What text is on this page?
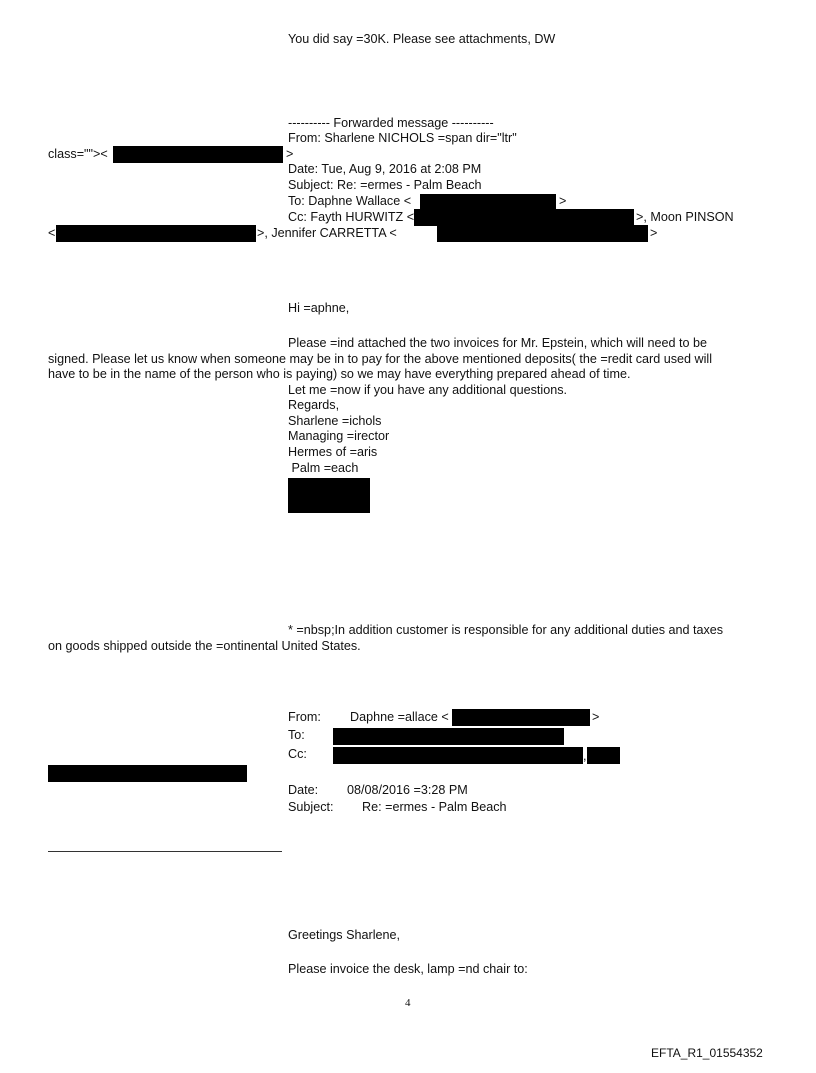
You did say =30K. Please see attachments, DW
---------- Forwarded message ----------
From: Sharlene NICHOLS =span dir="ltr"
class=""><	>
Date: Tue, Aug 9, 2016 at 2:08 PM
Subject: Re: =ermes - Palm Beach
To: Daphne Wallace <	>
Cc: Fayth HURWITZ <	>, Moon PINSON
<	>, Jennifer CARRETTA <	>
Hi =aphne,
Please =ind attached the two invoices for Mr. Epstein, which will need to be
signed. Please let us know when someone may be in to pay for the above mentioned deposits( the =redit card used will
have to be in the name of the person who is paying) so we may have everything prepared ahead of time.
Let me =now if you have any additional questions.
Regards,
Sharlene =ichols
Managing =irector
Hermes of =aris
Palm =each
* =nbsp;In addition customer is responsible for any additional duties and taxes
on goods shipped outside the =ontinental United States.
From: Daphne =allace <	>
To:
Cc:	,
Date: 08/08/2016 =3:28 PM
Subject: Re: =ermes - Palm Beach
Greetings Sharlene,
Please invoice the desk, lamp =nd chair to:
4
EFTA_R1_01554352
